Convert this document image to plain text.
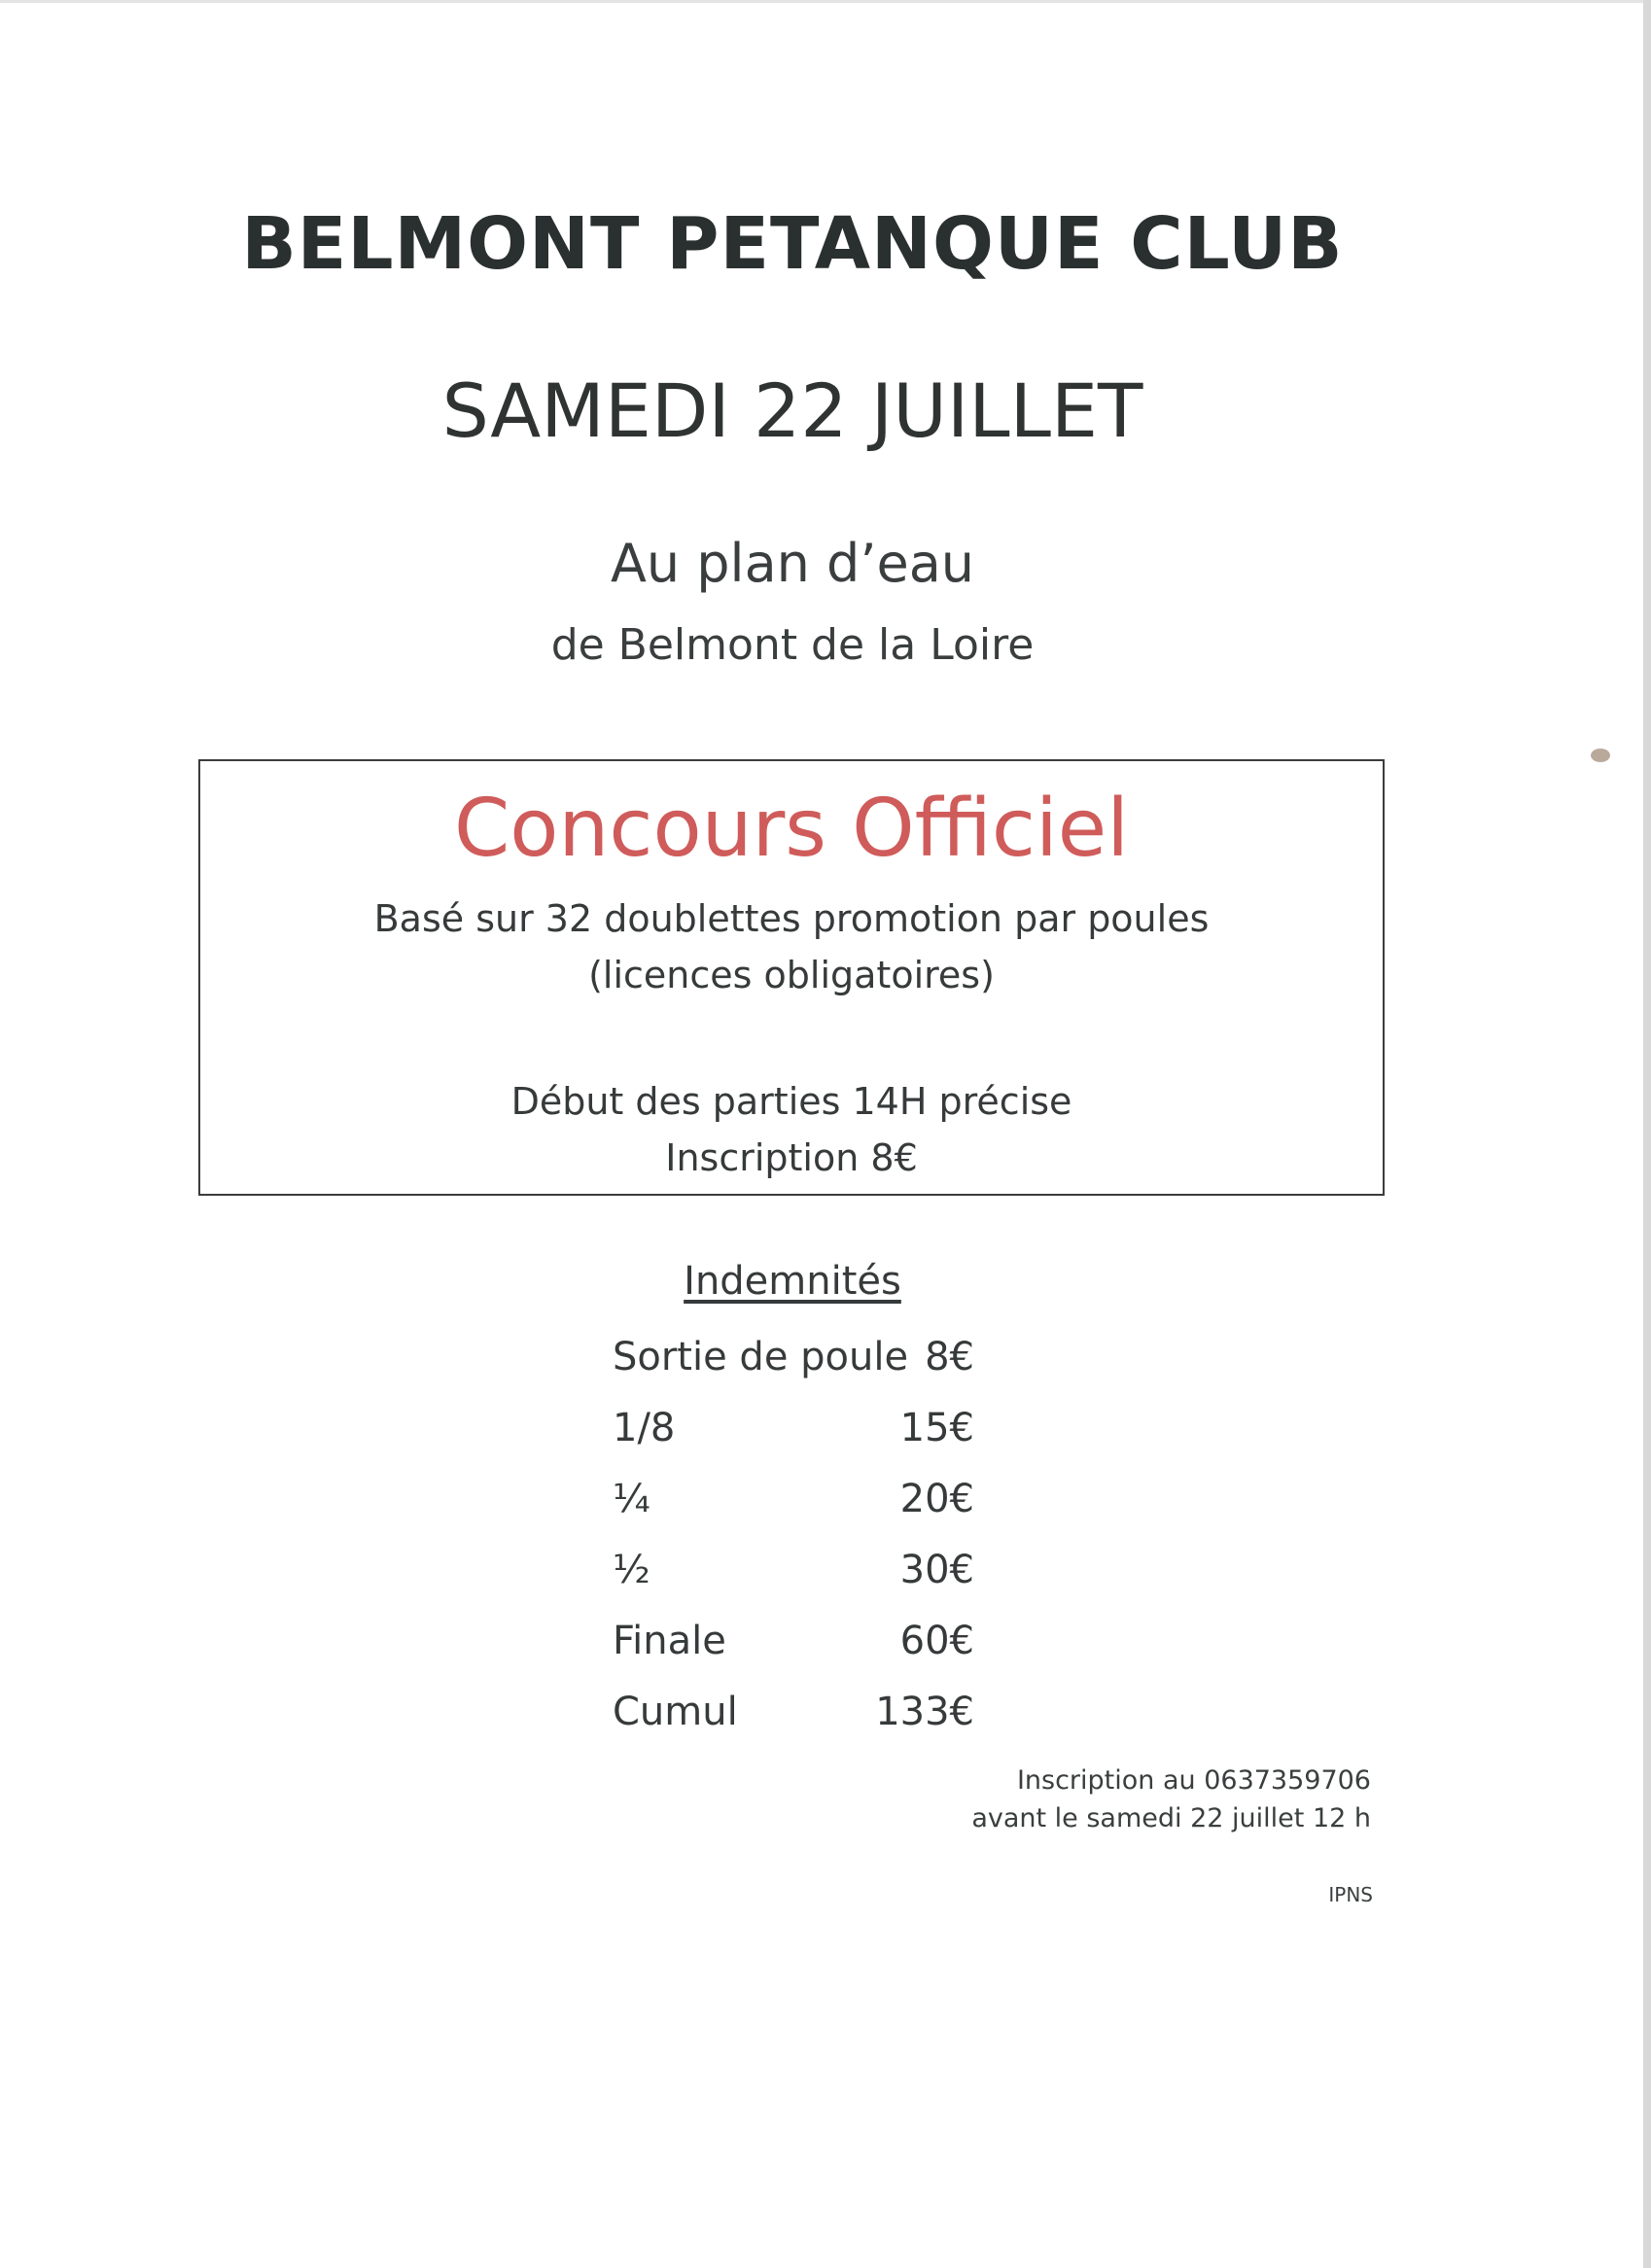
BELMONT PETANQUE CLUB
SAMEDI 22 JUILLET
Au plan d’eau
de Belmont de la Loire
Concours Officiel
Basé sur 32 doublettes promotion par poules
(licences obligatoires)
Début des parties 14H précise
Inscription 8€
Indemnités
Sortie de poule 8€
1/8	15€
¼	20€
½	30€
Finale	60€
Cumul	133€
Inscription au 0637359706
avant le samedi 22 juillet 12 h
IPNS
